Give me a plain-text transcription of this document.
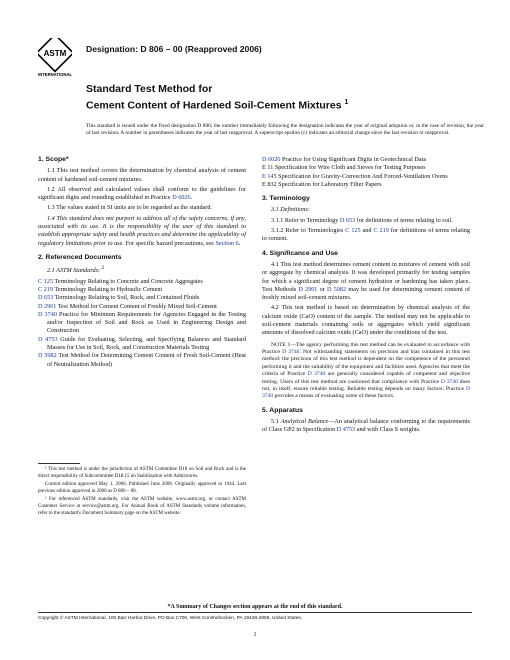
ASTM
INTERNATIONAL
Designation: D 806 – 00 (Reapproved 2006)
Standard Test Method for
Cement Content of Hardened Soil-Cement Mixtures $^1$
This standard is issued under the fixed designation D 806; the number immediately following the designation indicates the year of original adoption or, in the case of revision, the year of last revision. A number in parentheses indicates the year of last reapproval. A superscript epsilon (ε) indicates an editorial change since the last revision or reapproval.
1. Scope*

1.1 This test method covers the determination by chemical analysis of cement content of hardened soil-cement mixtures.

1.2 All observed and calculated values shall conform to the guidelines for significant digits and rounding established in Practice D 6026.

1.3 The values stated in SI units are to be regarded as the standard.

1.4 This standard does not purport to address all of the safety concerns, if any, associated with its use. It is the responsibility of the user of this standard to establish appropriate safety and health practices and determine the applicability of regulatory limitations prior to use. For specific hazard precautions, see Section 6.

2. Referenced Documents

2.1 ASTM Standards: $^2$

C 125 Terminology Relating to Concrete and Concrete Aggregates

C 219 Terminology Relating to Hydraulic Cement

D 653 Terminology Relating to Soil, Rock, and Contained Fluids

D 2901 Test Method for Cement Content of Freshly Mixed Soil-Cement

D 3740 Practice for Minimum Requirements for Agencies Engaged in the Testing and/or Inspection of Soil and Rock as Used in Engineering Design and Construction

D 4753 Guide for Evaluating, Selecting, and Specifying Balances and Standard Masses for Use in Soil, Rock, and Construction Materials Testing

D 5982 Test Method for Determining Cement Content of Fresh Soil-Cement (Heat of Neutralization Method)

¹ This test method is under the jurisdiction of ASTM Committee D18 on Soil and Rock and is the direct responsibility of Subcommittee D18.15 on Stabilization with Admixtures.

Current edition approved May 1, 2006. Published June 2006. Originally approved in 1944. Last previous edition approved in 2000 as D 806 – 00.

² For referenced ASTM standards, visit the ASTM website, www.astm.org, or contact ASTM Customer Service at service@astm.org. For Annual Book of ASTM Standards volume information, refer to the standard's Document Summary page on the ASTM website.

D 6026 Practice for Using Significant Digits in Geotechnical Data

E 11 Specification for Wire Cloth and Sieves for Testing Purposes

E 145 Specification for Gravity-Convection And Forced-Ventilation Ovens

E 832 Specification for Laboratory Filter Papers

3. Terminology

3.1 Definitions:

3.1.1 Refer to Terminology D 653 for definitions of terms relating to soil.

3.1.2 Refer to Terminologies C 125 and C 219 for definitions of terms relating to cement.

4. Significance and Use

4.1 This test method determines cement content in mixtures of cement with soil or aggregate by chemical analysis. It was developed primarily for testing samples for which a significant degree of cement hydration or hardening has taken place. Test Methods D 2901 or D 5982 may be used for determining cement content of freshly mixed soil-cement mixtures.

4.2 This test method is based on determination by chemical analysis of the calcium oxide (CaO) content of the sample. The method may not be applicable to soil-cement materials containing soils or aggregates which yield significant amounts of dissolved calcium oxide (CaO) under the conditions of the test.

NOTE 1—The agency performing this test method can be evaluated in accordance with Practice D 3740. Not withstanding statements on precision and bias contained in this test method: the precision of this test method is dependent on the competence of the personnel performing it and the suitability of the equipment and facilities used. Agencies that meet the criteria of Practice D 3740 are generally considered capable of competent and objective testing. Users of this test method are cautioned that compliance with Practice D 3740 does not, in itself, ensure reliable testing. Reliable testing depends on many factors; Practice D 3740 provides a means of evaluating some of these factors.

5. Apparatus

5.1 Analytical Balance—An analytical balance conforming to the requirements of Class GP2 in Specification D 4753 and with Class S weights.

*A Summary of Changes section appears at the end of this standard.
Copyright © ASTM International, 100 Barr Harbor Drive, PO Box C700, West Conshohocken, PA 19428-2959, United States.
1
